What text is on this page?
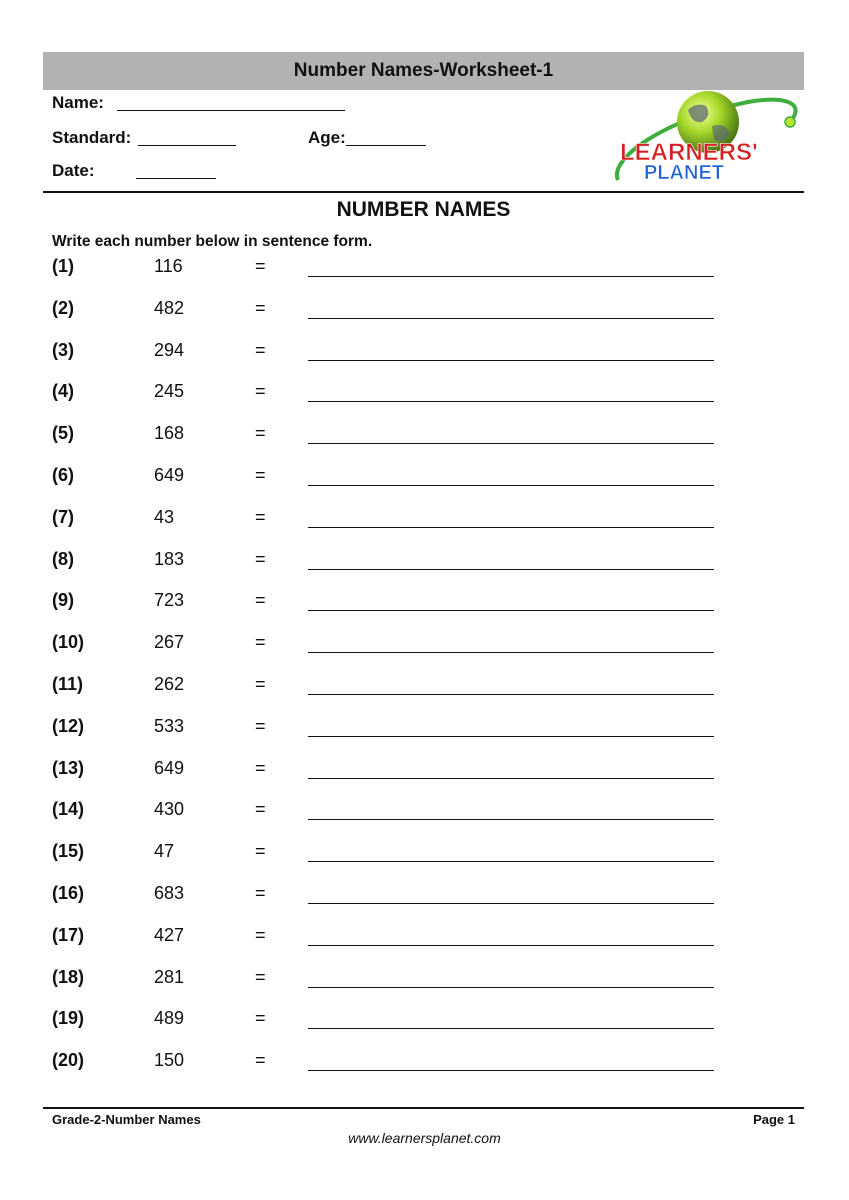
Number Names-Worksheet-1
Name:
Standard:	Age:
Date:
LEARNERS'
PLANET
NUMBER NAMES
Write each number below in sentence form.
(1)	116	=
(2)	482	=
(3)	294	=
(4)	245	=
(5)	168	=
(6)	649	=
(7)	43	=
(8)	183	=
(9)	723	=
(10)	267	=
(11)	262	=
(12)	533	=
(13)	649	=
(14)	430	=
(15)	47	=
(16)	683	=
(17)	427	=
(18)	281	=
(19)	489	=
(20)	150	=
Grade-2-Number Names	Page 1
www.learnersplanet.com
